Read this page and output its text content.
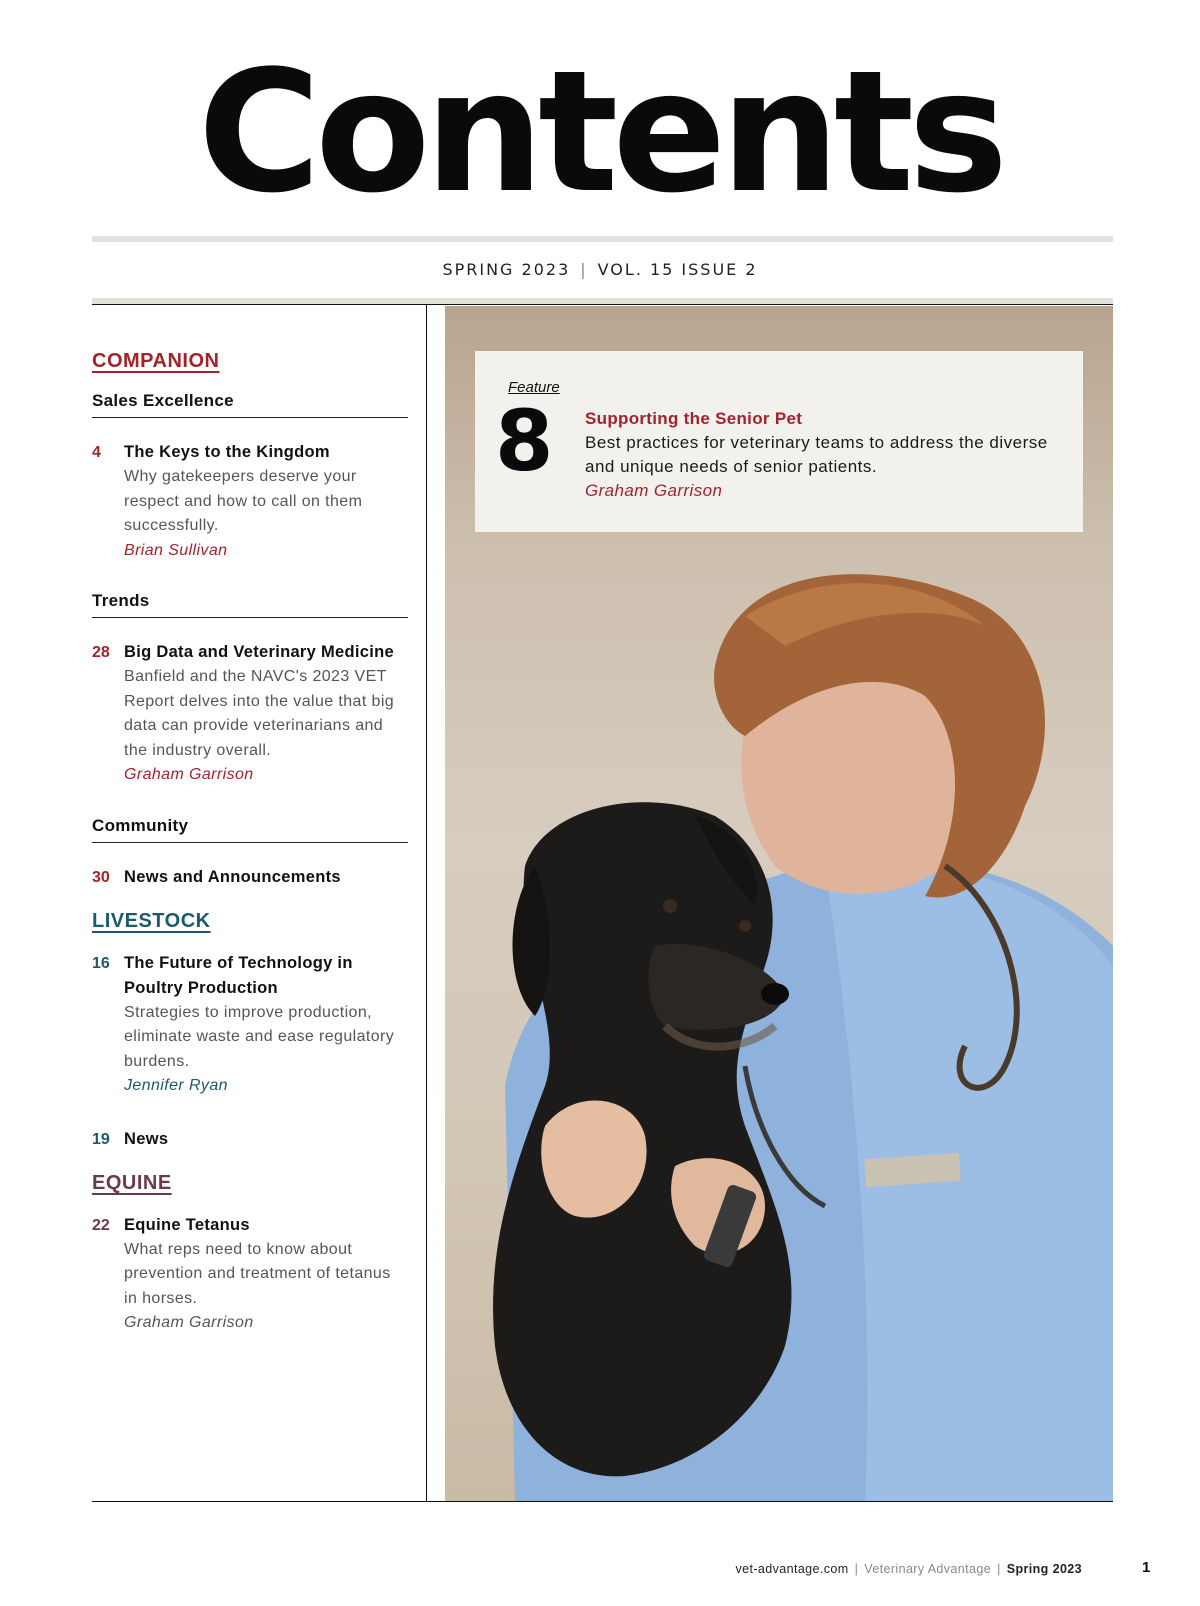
Contents
SPRING 2023 | VOL. 15 ISSUE 2
COMPANION
Sales Excellence
4	The Keys to the Kingdom
Why gatekeepers deserve your respect and how to call on them successfully.
Brian Sullivan
Trends
28 Big Data and Veterinary Medicine
Banfield and the NAVC's 2023 VET Report delves into the value that big data can provide veterinarians and the industry overall.
Graham Garrison
Community
30 News and Announcements
LIVESTOCK
16 The Future of Technology in Poultry Production
Strategies to improve production, eliminate waste and ease regulatory burdens.
Jennifer Ryan
19 News
EQUINE
22 Equine Tetanus
What reps need to know about prevention and treatment of tetanus in horses.
Graham Garrison
Feature
8 Supporting the Senior Pet
Best practices for veterinary teams to address the diverse and unique needs of senior patients.
Graham Garrison
vet-advantage.com | Veterinary Advantage | Spring 2023	1
